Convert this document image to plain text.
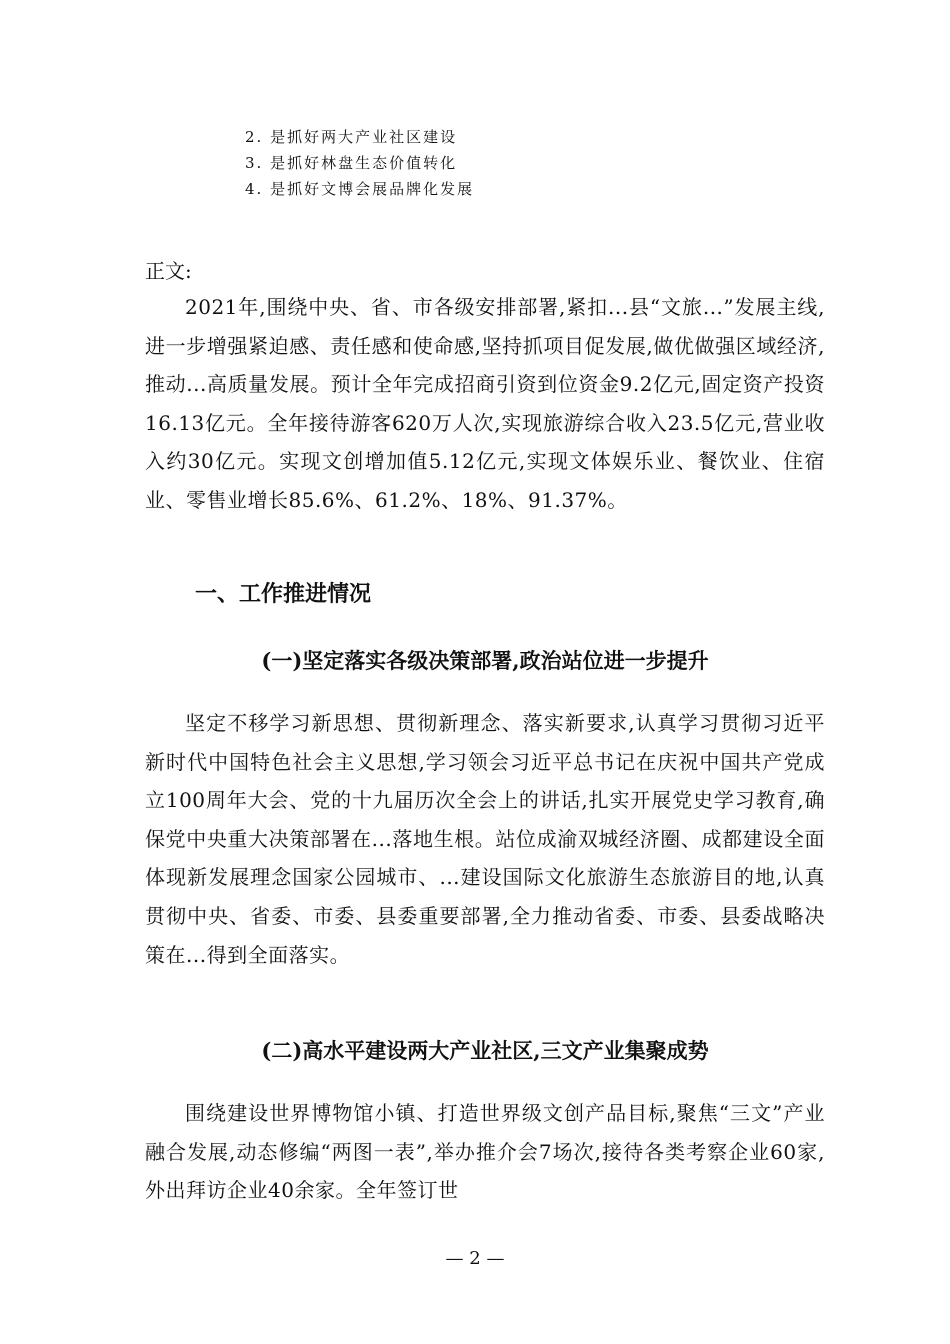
2. 是抓好两大产业社区建设
3. 是抓好林盘生态价值转化
4. 是抓好文博会展品牌化发展
正文:

2021年,围绕中央、省、市各级安排部署,紧扣...县“文旅...”发展主线,进一步增强紧迫感、责任感和使命感,坚持抓项目促发展,做优做强区域经济,推动...高质量发展。预计全年完成招商引资到位资金9.2亿元,固定资产投资16.13亿元。全年接待游客620万人次,实现旅游综合收入23.5亿元,营业收入约30亿元。实现文创增加值5.12亿元,实现文体娱乐业、餐饮业、住宿业、零售业增长85.6%、61.2%、18%、91.37%。

一、工作推进情况
(一)坚定落实各级决策部署,政治站位进一步提升

坚定不移学习新思想、贯彻新理念、落实新要求,认真学习贯彻习近平新时代中国特色社会主义思想,学习领会习近平总书记在庆祝中国共产党成立100周年大会、党的十九届历次全会上的讲话,扎实开展党史学习教育,确保党中央重大决策部署在...落地生根。站位成渝双城经济圈、成都建设全面体现新发展理念国家公园城市、...建设国际文化旅游生态旅游目的地,认真贯彻中央、省委、市委、县委重要部署,全力推动省委、市委、县委战略决策在...得到全面落实。

(二)高水平建设两大产业社区,三文产业集聚成势

围绕建设世界博物馆小镇、打造世界级文创产品目标,聚焦“三文”产业融合发展,动态修编“两图一表”,举办推介会7场次,接待各类考察企业60家,外出拜访企业40余家。全年签订世

— 2 —
